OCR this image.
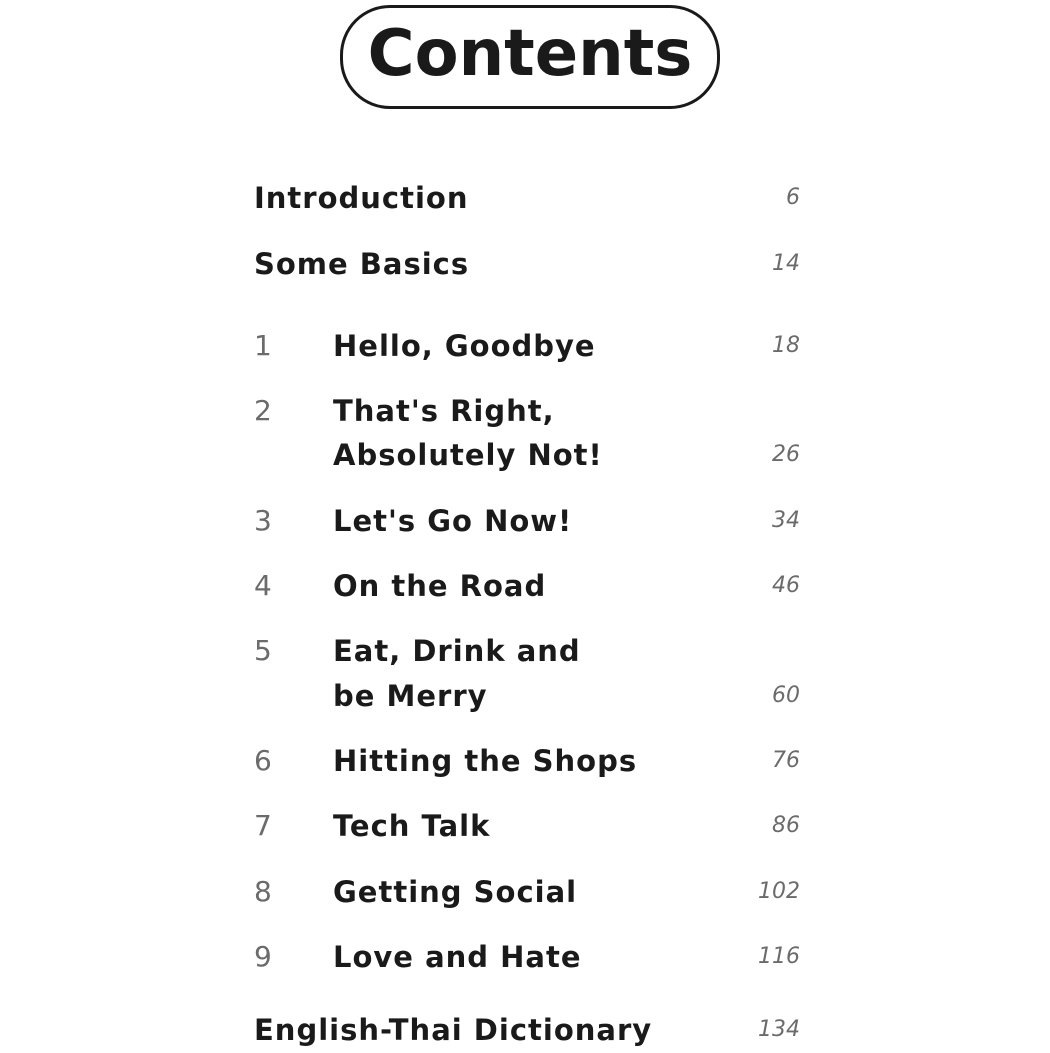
Contents
Introduction	6
Some Basics	14
1 Hello, Goodbye	18
2 That's Right,
Absolutely Not!	26
3 Let's Go Now!	34
4 On the Road	46
5 Eat, Drink and
be Merry	60
6 Hitting the Shops	76
7 Tech Talk	86
8 Getting Social	102
9 Love and Hate	116
English-Thai Dictionary	134
